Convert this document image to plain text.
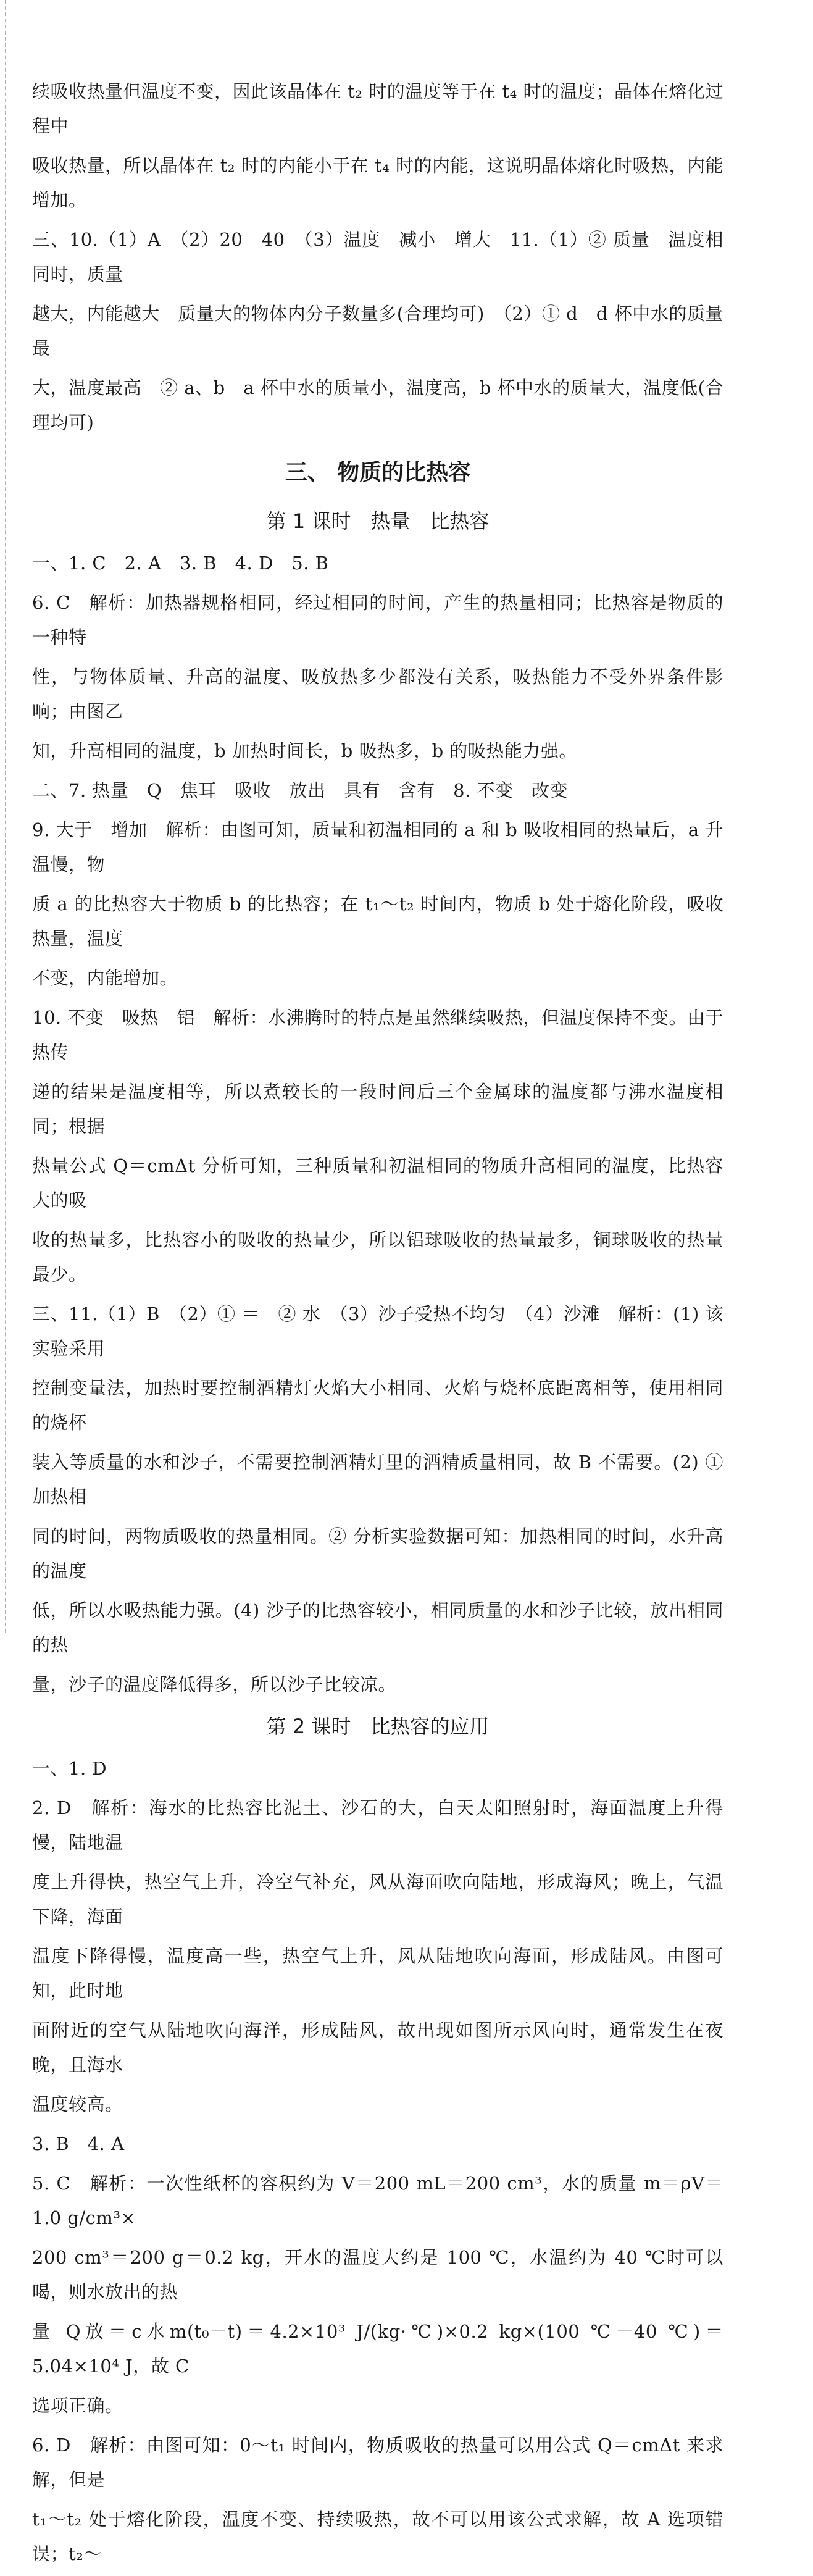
续吸收热量但温度不变，因此该晶体在 t₂ 时的温度等于在 t₄ 时的温度；晶体在熔化过程中
吸收热量，所以晶体在 t₂ 时的内能小于在 t₄ 时的内能，这说明晶体熔化时吸热，内能增加。
三、10.（1）A　（2）20　40　（3）温度　减小　增大　11.（1）② 质量　温度相同时，质量
越大，内能越大　质量大的物体内分子数量多(合理均可)　（2）① d　d 杯中水的质量最
大，温度最高　② a、b　a 杯中水的质量小，温度高，b 杯中水的质量大，温度低(合理均可)
三、 物质的比热容
第 1 课时　热量　比热容
一、1. C　2. A　3. B　4. D　5. B
6. C　解析：加热器规格相同，经过相同的时间，产生的热量相同；比热容是物质的一种特
性，与物体质量、升高的温度、吸放热多少都没有关系，吸热能力不受外界条件影响；由图乙
知，升高相同的温度，b 加热时间长，b 吸热多，b 的吸热能力强。
二、7. 热量　Q　焦耳　吸收　放出　具有　含有　8. 不变　改变
9. 大于　增加　解析：由图可知，质量和初温相同的 a 和 b 吸收相同的热量后，a 升温慢，物
质 a 的比热容大于物质 b 的比热容；在 t₁～t₂ 时间内，物质 b 处于熔化阶段，吸收热量，温度
不变，内能增加。
10. 不变　吸热　铝　解析：水沸腾时的特点是虽然继续吸热，但温度保持不变。由于热传
递的结果是温度相等，所以煮较长的一段时间后三个金属球的温度都与沸水温度相同；根据
热量公式 Q＝cmΔt 分析可知，三种质量和初温相同的物质升高相同的温度，比热容大的吸
收的热量多，比热容小的吸收的热量少，所以铝球吸收的热量最多，铜球吸收的热量最少。
三、11.（1）B　（2）① ＝　② 水　（3）沙子受热不均匀　（4）沙滩　解析：(1) 该实验采用
控制变量法，加热时要控制酒精灯火焰大小相同、火焰与烧杯底距离相等，使用相同的烧杯
装入等质量的水和沙子，不需要控制酒精灯里的酒精质量相同，故 B 不需要。(2) ① 加热相
同的时间，两物质吸收的热量相同。② 分析实验数据可知：加热相同的时间，水升高的温度
低，所以水吸热能力强。(4) 沙子的比热容较小，相同质量的水和沙子比较，放出相同的热
量，沙子的温度降低得多，所以沙子比较凉。
第 2 课时　比热容的应用
一、1. D
2. D　解析：海水的比热容比泥土、沙石的大，白天太阳照射时，海面温度上升得慢，陆地温
度上升得快，热空气上升，冷空气补充，风从海面吹向陆地，形成海风；晚上，气温下降，海面
温度下降得慢，温度高一些，热空气上升，风从陆地吹向海面，形成陆风。由图可知，此时地
面附近的空气从陆地吹向海洋，形成陆风，故出现如图所示风向时，通常发生在夜晚，且海水
温度较高。
3. B　4. A
5. C　解析：一次性纸杯的容积约为 V＝200 mL＝200 cm³，水的质量 m＝ρV＝1.0 g/cm³×
200 cm³＝200 g＝0.2 kg，开水的温度大约是 100 ℃，水温约为 40 ℃时可以喝，则水放出的热
量 Q放＝c水m(t₀－t)＝4.2×10³ J/(kg·℃)×0.2 kg×(100 ℃－40 ℃)＝5.04×10⁴ J，故 C
选项正确。
6. D　解析：由图可知：0～t₁ 时间内，物质吸收的热量可以用公式 Q＝cmΔt 来求解，但是
t₁～t₂ 处于熔化阶段，温度不变、持续吸热，故不可以用该公式求解，故 A 选项错误；t₂～
